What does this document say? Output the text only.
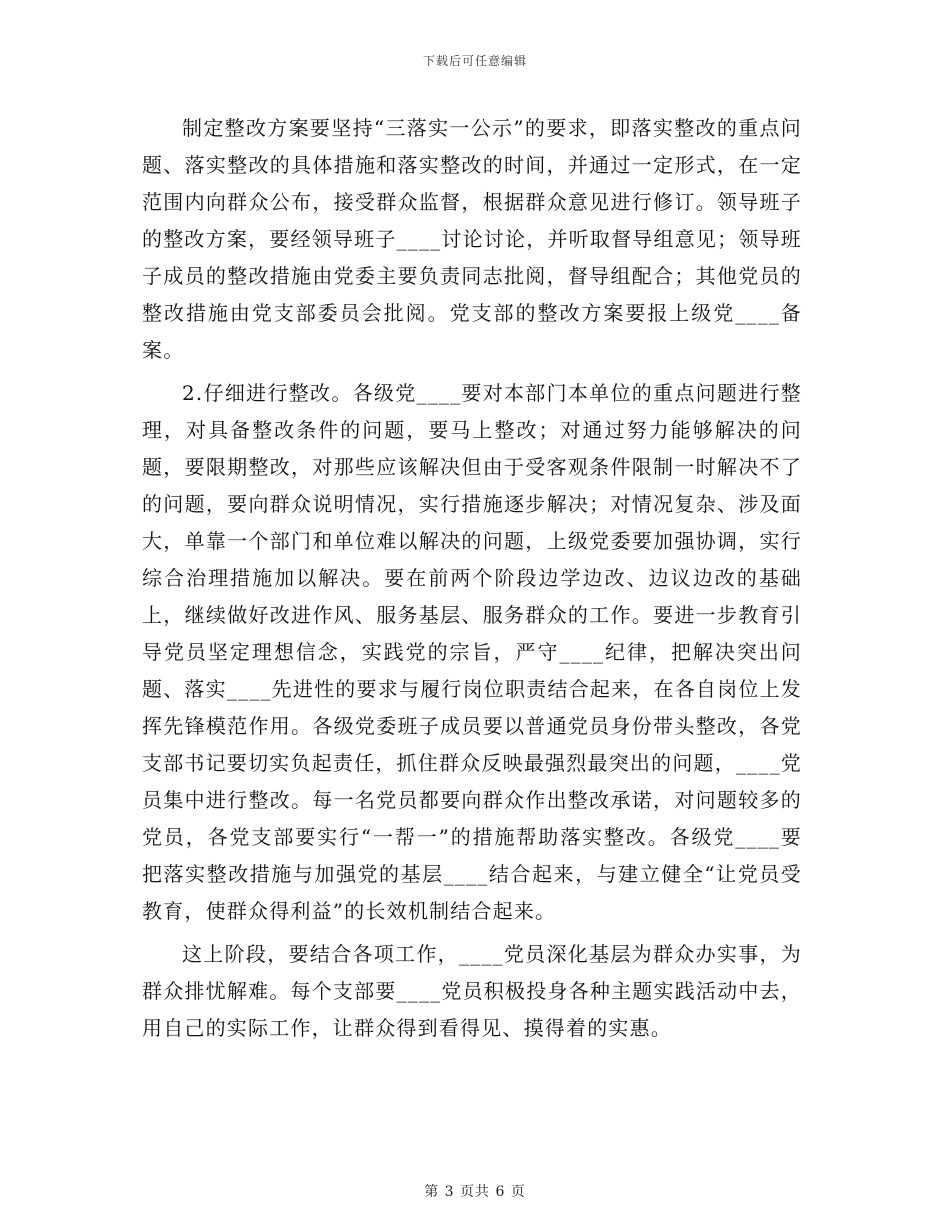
下载后可任意编辑

制定整改方案要坚持“三落实一公示”的要求，即落实整改的重点问题、落实整改的具体措施和落实整改的时间，并通过一定形式，在一定范围内向群众公布，接受群众监督，根据群众意见进行修订。领导班子的整改方案，要经领导班子____讨论讨论，并听取督导组意见；领导班子成员的整改措施由党委主要负责同志批阅，督导组配合；其他党员的整改措施由党支部委员会批阅。党支部的整改方案要报上级党____备案。

2.仔细进行整改。各级党____要对本部门本单位的重点问题进行整理，对具备整改条件的问题，要马上整改；对通过努力能够解决的问题，要限期整改，对那些应该解决但由于受客观条件限制一时解决不了的问题，要向群众说明情况，实行措施逐步解决；对情况复杂、涉及面大，单靠一个部门和单位难以解决的问题，上级党委要加强协调，实行综合治理措施加以解决。要在前两个阶段边学边改、边议边改的基础上，继续做好改进作风、服务基层、服务群众的工作。要进一步教育引导党员坚定理想信念，实践党的宗旨，严守____纪律，把解决突出问题、落实____先进性的要求与履行岗位职责结合起来，在各自岗位上发挥先锋模范作用。各级党委班子成员要以普通党员身份带头整改，各党支部书记要切实负起责任，抓住群众反映最强烈最突出的问题，____党员集中进行整改。每一名党员都要向群众作出整改承诺，对问题较多的党员，各党支部要实行“一帮一”的措施帮助落实整改。各级党____要把落实整改措施与加强党的基层____结合起来，与建立健全“让党员受教育，使群众得利益”的长效机制结合起来。

这上阶段，要结合各项工作，____党员深化基层为群众办实事，为群众排忧解难。每个支部要____党员积极投身各种主题实践活动中去，用自己的实际工作，让群众得到看得见、摸得着的实惠。

第 3 页共 6 页
